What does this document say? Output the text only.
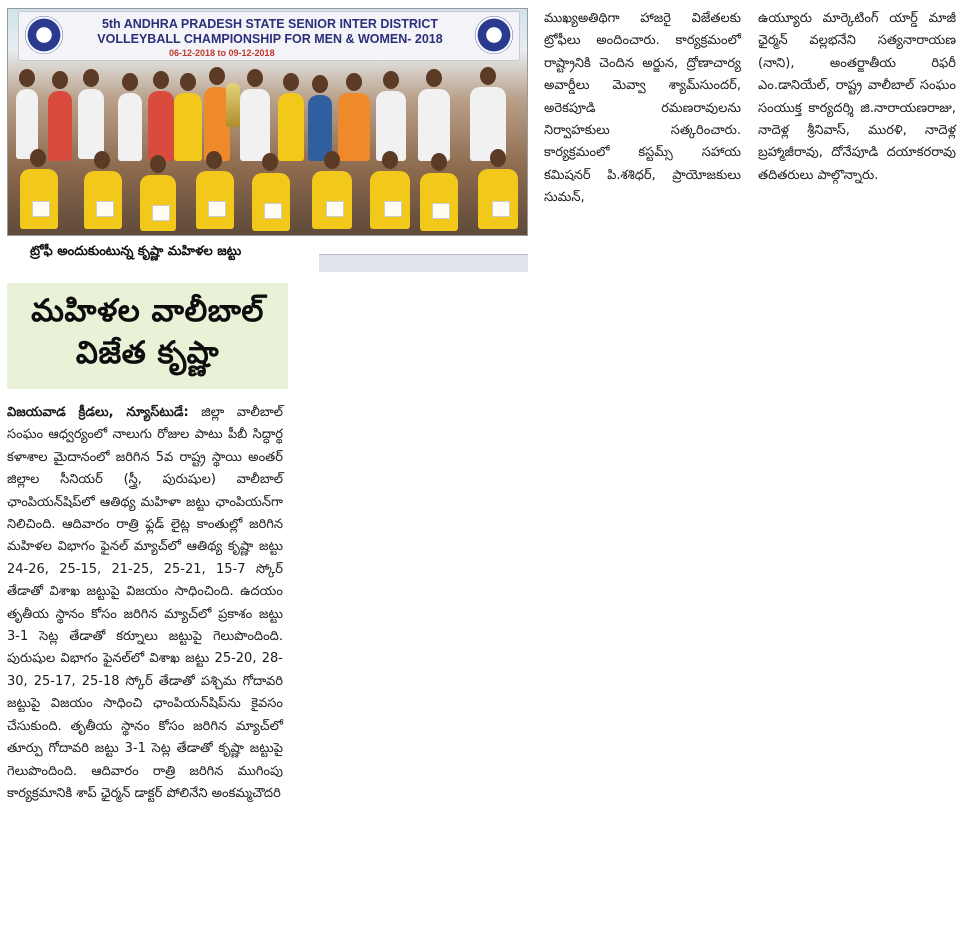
5th ANDHRA PRADESH STATE SENIOR INTER DISTRICT
VOLLEYBALL CHAMPIONSHIP FOR MEN & WOMEN- 2018
06-12-2018 to 09-12-2018
ట్రోఫీ అందుకుంటున్న కృష్ణా మహిళల జట్టు
మహిళల వాలీబాల్
విజేత కృష్ణా

విజయవాడ క్రీడలు, న్యూస్‌టుడే: జిల్లా వాలీబాల్ సంఘం ఆధ్వర్యంలో నాలుగు రోజుల పాటు పీబీ సిద్ధార్థ కళాశాల మైదానంలో జరిగిన 5వ రాష్ట్ర స్థాయి అంతర్ జిల్లాల సీనియర్ (స్త్రీ, పురుషుల) వాలీబాల్ ఛాంపియన్‌షిప్‌లో ఆతిథ్య మహిళా జట్టు ఛాంపియన్‌గా నిలిచింది. ఆదివారం రాత్రి ఫ్లడ్ లైట్ల కాంతుల్లో జరిగిన మహిళల విభాగం ఫైనల్ మ్యాచ్‌లో ఆతిథ్య కృష్ణా జట్టు 24-26, 25-15, 21-25, 25-21, 15-7 స్కోర్ తేడాతో విశాఖ జట్టుపై విజయం సాధించింది. ఉదయం తృతీయ స్థానం కోసం జరిగిన మ్యాచ్‌లో ప్రకాశం జట్టు 3-1 సెట్ల తేడాతో కర్నూలు జట్టుపై గెలుపొందింది. పురుషుల విభాగం ఫైనల్‌లో విశాఖ జట్టు 25-20, 28-30, 25-17, 25-18 స్కోర్ తేడాతో పశ్చిమ గోదావరి జట్టుపై విజయం సాధించి ఛాంపియన్‌షిప్‌ను కైవసం చేసుకుంది. తృతీయ స్థానం కోసం జరిగిన మ్యాచ్‌లో తూర్పు గోదావరి జట్టు 3-1 సెట్ల తేడాతో కృష్ణా జట్టుపై గెలుపొందింది. ఆదివారం రాత్రి జరిగిన ముగింపు కార్యక్రమానికి శాప్ ఛైర్మన్ డాక్టర్ పోలినేని అంకమ్మచౌదరి

ముఖ్యఅతిథిగా హాజరై విజేతలకు ట్రోఫీలు అందించారు. కార్యక్రమంలో రాష్ట్రానికి చెందిన అర్జున, ద్రోణాచార్య అవార్డీలు మెవ్వా శ్యామ్‌సుందర్, అరెకపూడి రమణరావులను నిర్వాహకులు సత్కరించారు. కార్యక్రమంలో కస్టమ్స్ సహాయ కమిషనర్ పి.శశిధర్, ప్రాయోజకులు సుమన్,

ఉయ్యూరు మార్కెటింగ్ యార్డ్ మాజీ ఛైర్మన్ వల్లభనేని సత్యనారాయణ (నాని), అంతర్జాతీయ రిఫరీ ఎం.డానియేల్, రాష్ట్ర వాలీబాల్ సంఘం సంయుక్త కార్యదర్శి జి.నారాయణరాజు, నాదెళ్ల శ్రీనివాస్, మురళి, నాదెళ్ల బ్రహ్మాజీరావు, దోనేపూడి దయాకరరావు తదితరులు పాల్గొన్నారు.
